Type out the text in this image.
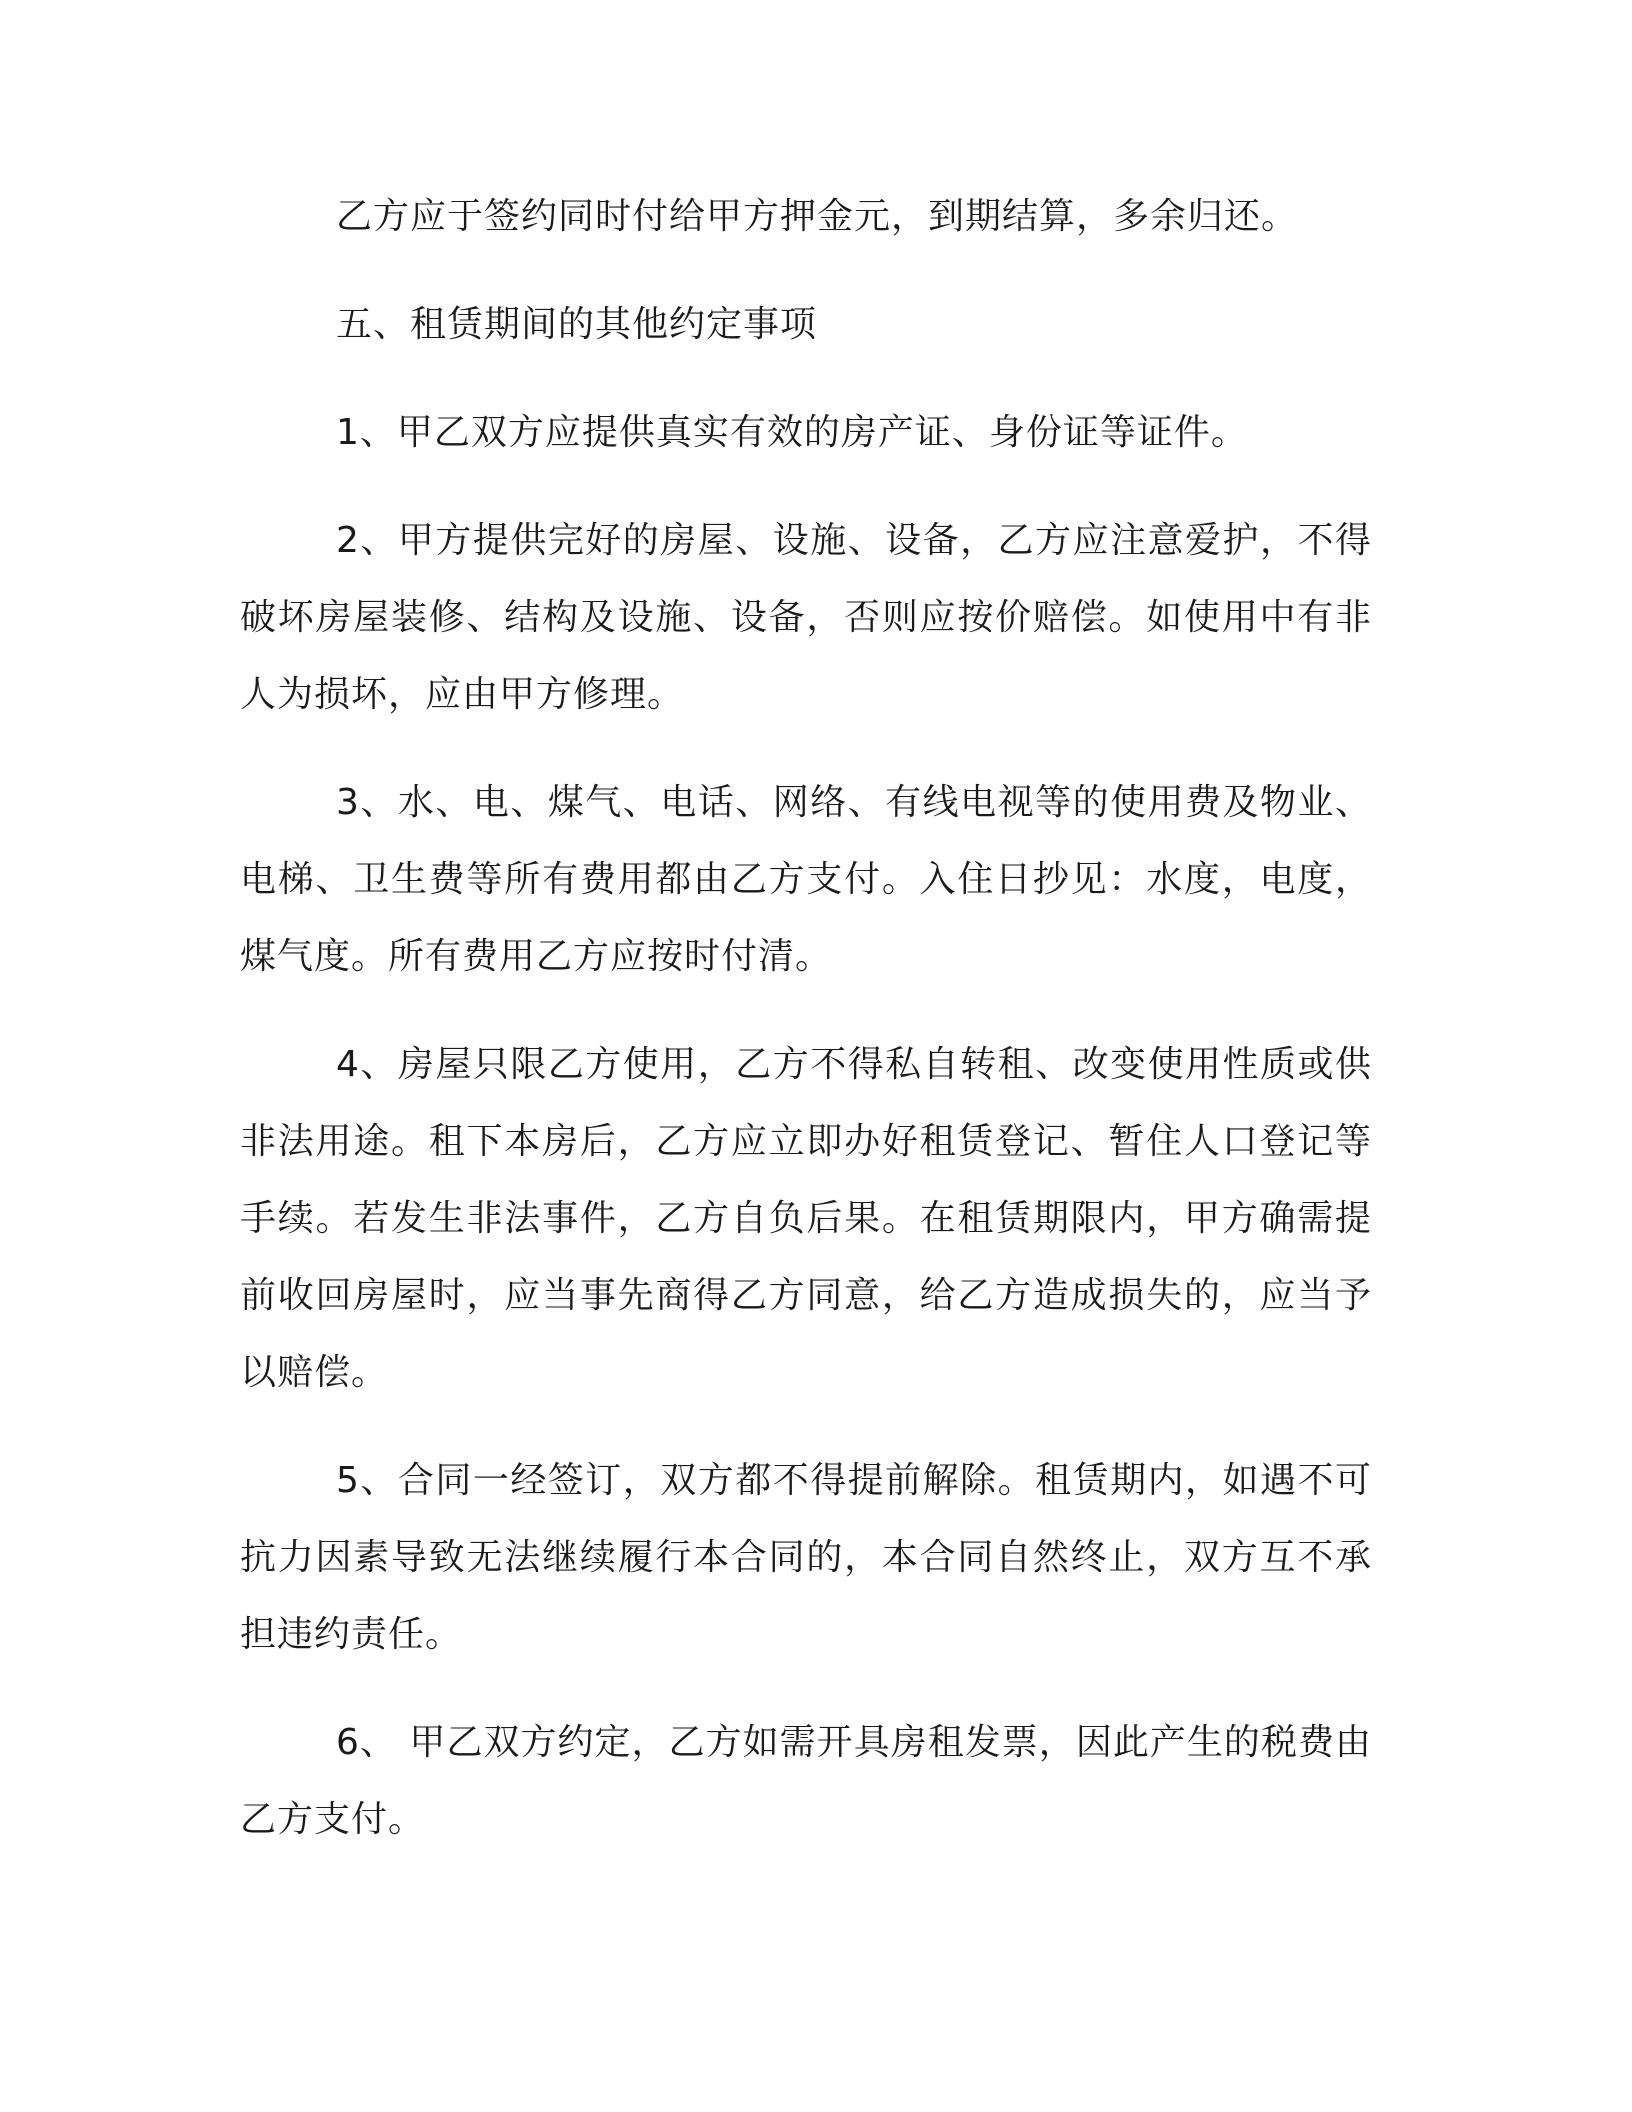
乙方应于签约同时付给甲方押金元，到期结算，多余归还。

五、租赁期间的其他约定事项

1、甲乙双方应提供真实有效的房产证、身份证等证件。

2、甲方提供完好的房屋、设施、设备，乙方应注意爱护，不得破坏房屋装修、结构及设施、设备，否则应按价赔偿。如使用中有非人为损坏，应由甲方修理。

3、水、电、煤气、电话、网络、有线电视等的使用费及物业、电梯、卫生费等所有费用都由乙方支付。入住日抄见：水度，电度，煤气度。所有费用乙方应按时付清。

4、房屋只限乙方使用，乙方不得私自转租、改变使用性质或供非法用途。租下本房后，乙方应立即办好租赁登记、暂住人口登记等手续。若发生非法事件，乙方自负后果。在租赁期限内，甲方确需提前收回房屋时，应当事先商得乙方同意，给乙方造成损失的，应当予以赔偿。

5、合同一经签订，双方都不得提前解除。租赁期内，如遇不可抗力因素导致无法继续履行本合同的，本合同自然终止，双方互不承担违约责任。

6、 甲乙双方约定，乙方如需开具房租发票，因此产生的税费由乙方支付。
